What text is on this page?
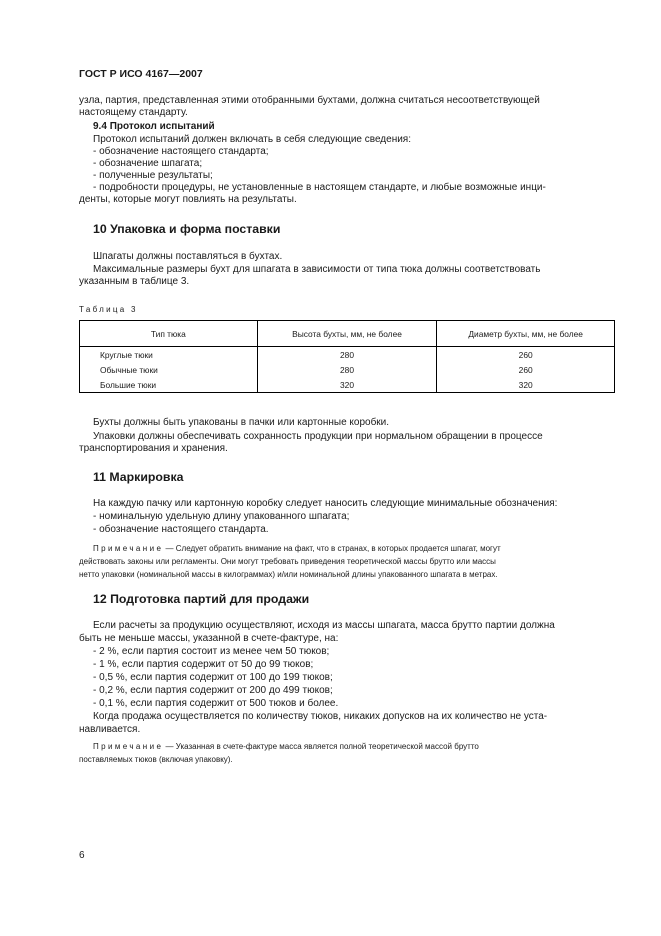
ГОСТ Р ИСО 4167—2007
узла, партия, представленная этими отобранными бухтами, должна считаться несоответствующей
настоящему стандарту.
9.4 Протокол испытаний
Протокол испытаний должен включать в себя следующие сведения:
- обозначение настоящего стандарта;
- обозначение шпагата;
- полученные результаты;
- подробности процедуры, не установленные в настоящем стандарте, и любые возможные инци-
денты, которые могут повлиять на результаты.
10 Упаковка и форма поставки
Шпагаты должны поставляться в бухтах.
Максимальные размеры бухт для шпагата в зависимости от типа тюка должны соответствовать
указанным в таблице 3.
Таблица 3
Тип тюка	Высота бухты, мм, не более	Диаметр бухты, мм, не более
Круглые тюки	280	260
Обычные тюки	280	260
Большие тюки	320	320
Бухты должны быть упакованы в пачки или картонные коробки.
Упаковки должны обеспечивать сохранность продукции при нормальном обращении в процессе
транспортирования и хранения.
11 Маркировка
На каждую пачку или картонную коробку следует наносить следующие минимальные обозначения:
- номинальную удельную длину упакованного шпагата;
- обозначение настоящего стандарта.
Примечание — Следует обратить внимание на факт, что в странах, в которых продается шпагат, могут
действовать законы или регламенты. Они могут требовать приведения теоретической массы брутто или массы
нетто упаковки (номинальной массы в килограммах) и/или номинальной длины упакованного шпагата в метрах.
12 Подготовка партий для продажи
Если расчеты за продукцию осуществляют, исходя из массы шпагата, масса брутто партии должна
быть не меньше массы, указанной в счете-фактуре, на:
- 2 %, если партия состоит из менее чем 50 тюков;
- 1 %, если партия содержит от 50 до 99 тюков;
- 0,5 %, если партия содержит от 100 до 199 тюков;
- 0,2 %, если партия содержит от 200 до 499 тюков;
- 0,1 %, если партия содержит от 500 тюков и более.
Когда продажа осуществляется по количеству тюков, никаких допусков на их количество не уста-
навливается.
Примечание — Указанная в счете-фактуре масса является полной теоретической массой брутто
поставляемых тюков (включая упаковку).
6
